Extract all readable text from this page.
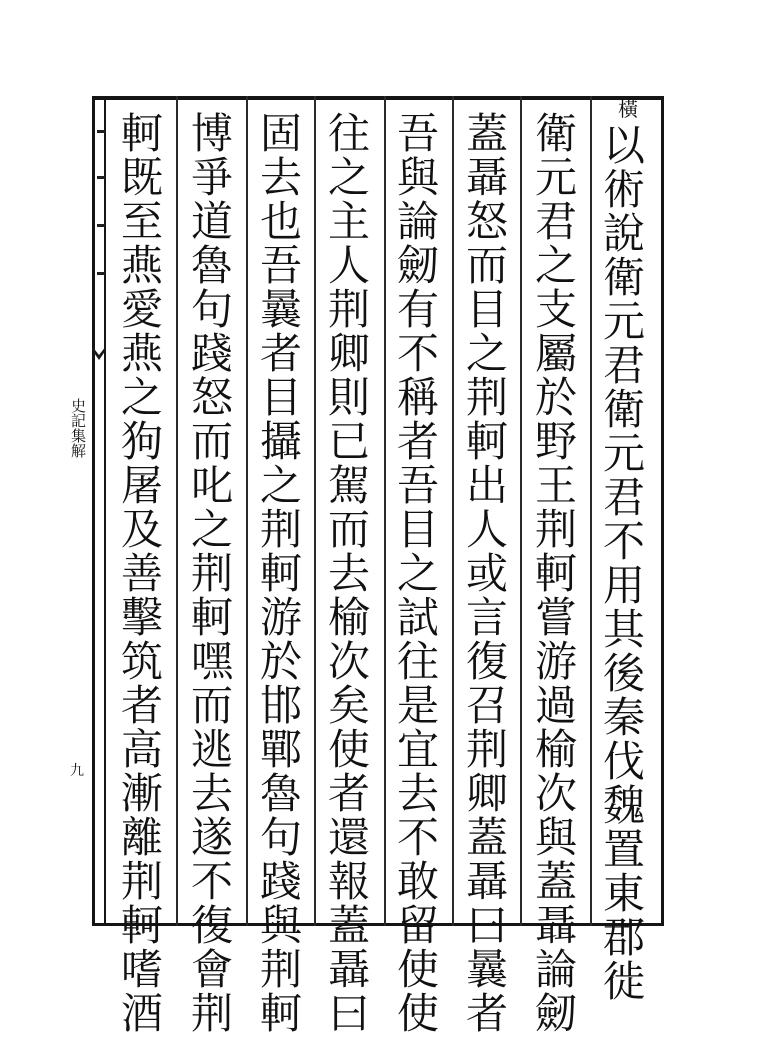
史記集解
九
橫
以
術
說
衛
元
君
衛
元
君
不
用
其
後
秦
伐
魏
置
東
郡
徙
衛
元
君
之
支
屬
於
野
王
荆
軻
嘗
游
過
榆
次
與
蓋
聶
論
劒
蓋
聶
怒
而
目
之
荆
軻
出
人
或
言
復
召
荆
卿
蓋
聶
曰
曩
者
吾
與
論
劒
有
不
稱
者
吾
目
之
試
往
是
宜
去
不
敢
留
使
使
往
之
主
人
荆
卿
則
已
駕
而
去
榆
次
矣
使
者
還
報
蓋
聶
曰
固
去
也
吾
曩
者
目
攝
之
荆
軻
游
於
邯
鄲
魯
句
踐
與
荆
軻
博
爭
道
魯
句
踐
怒
而
叱
之
荆
軻
嘿
而
逃
去
遂
不
復
會
荆
軻
既
至
燕
愛
燕
之
狗
屠
及
善
擊
筑
者
高
漸
離
荆
軻
嗜
酒
